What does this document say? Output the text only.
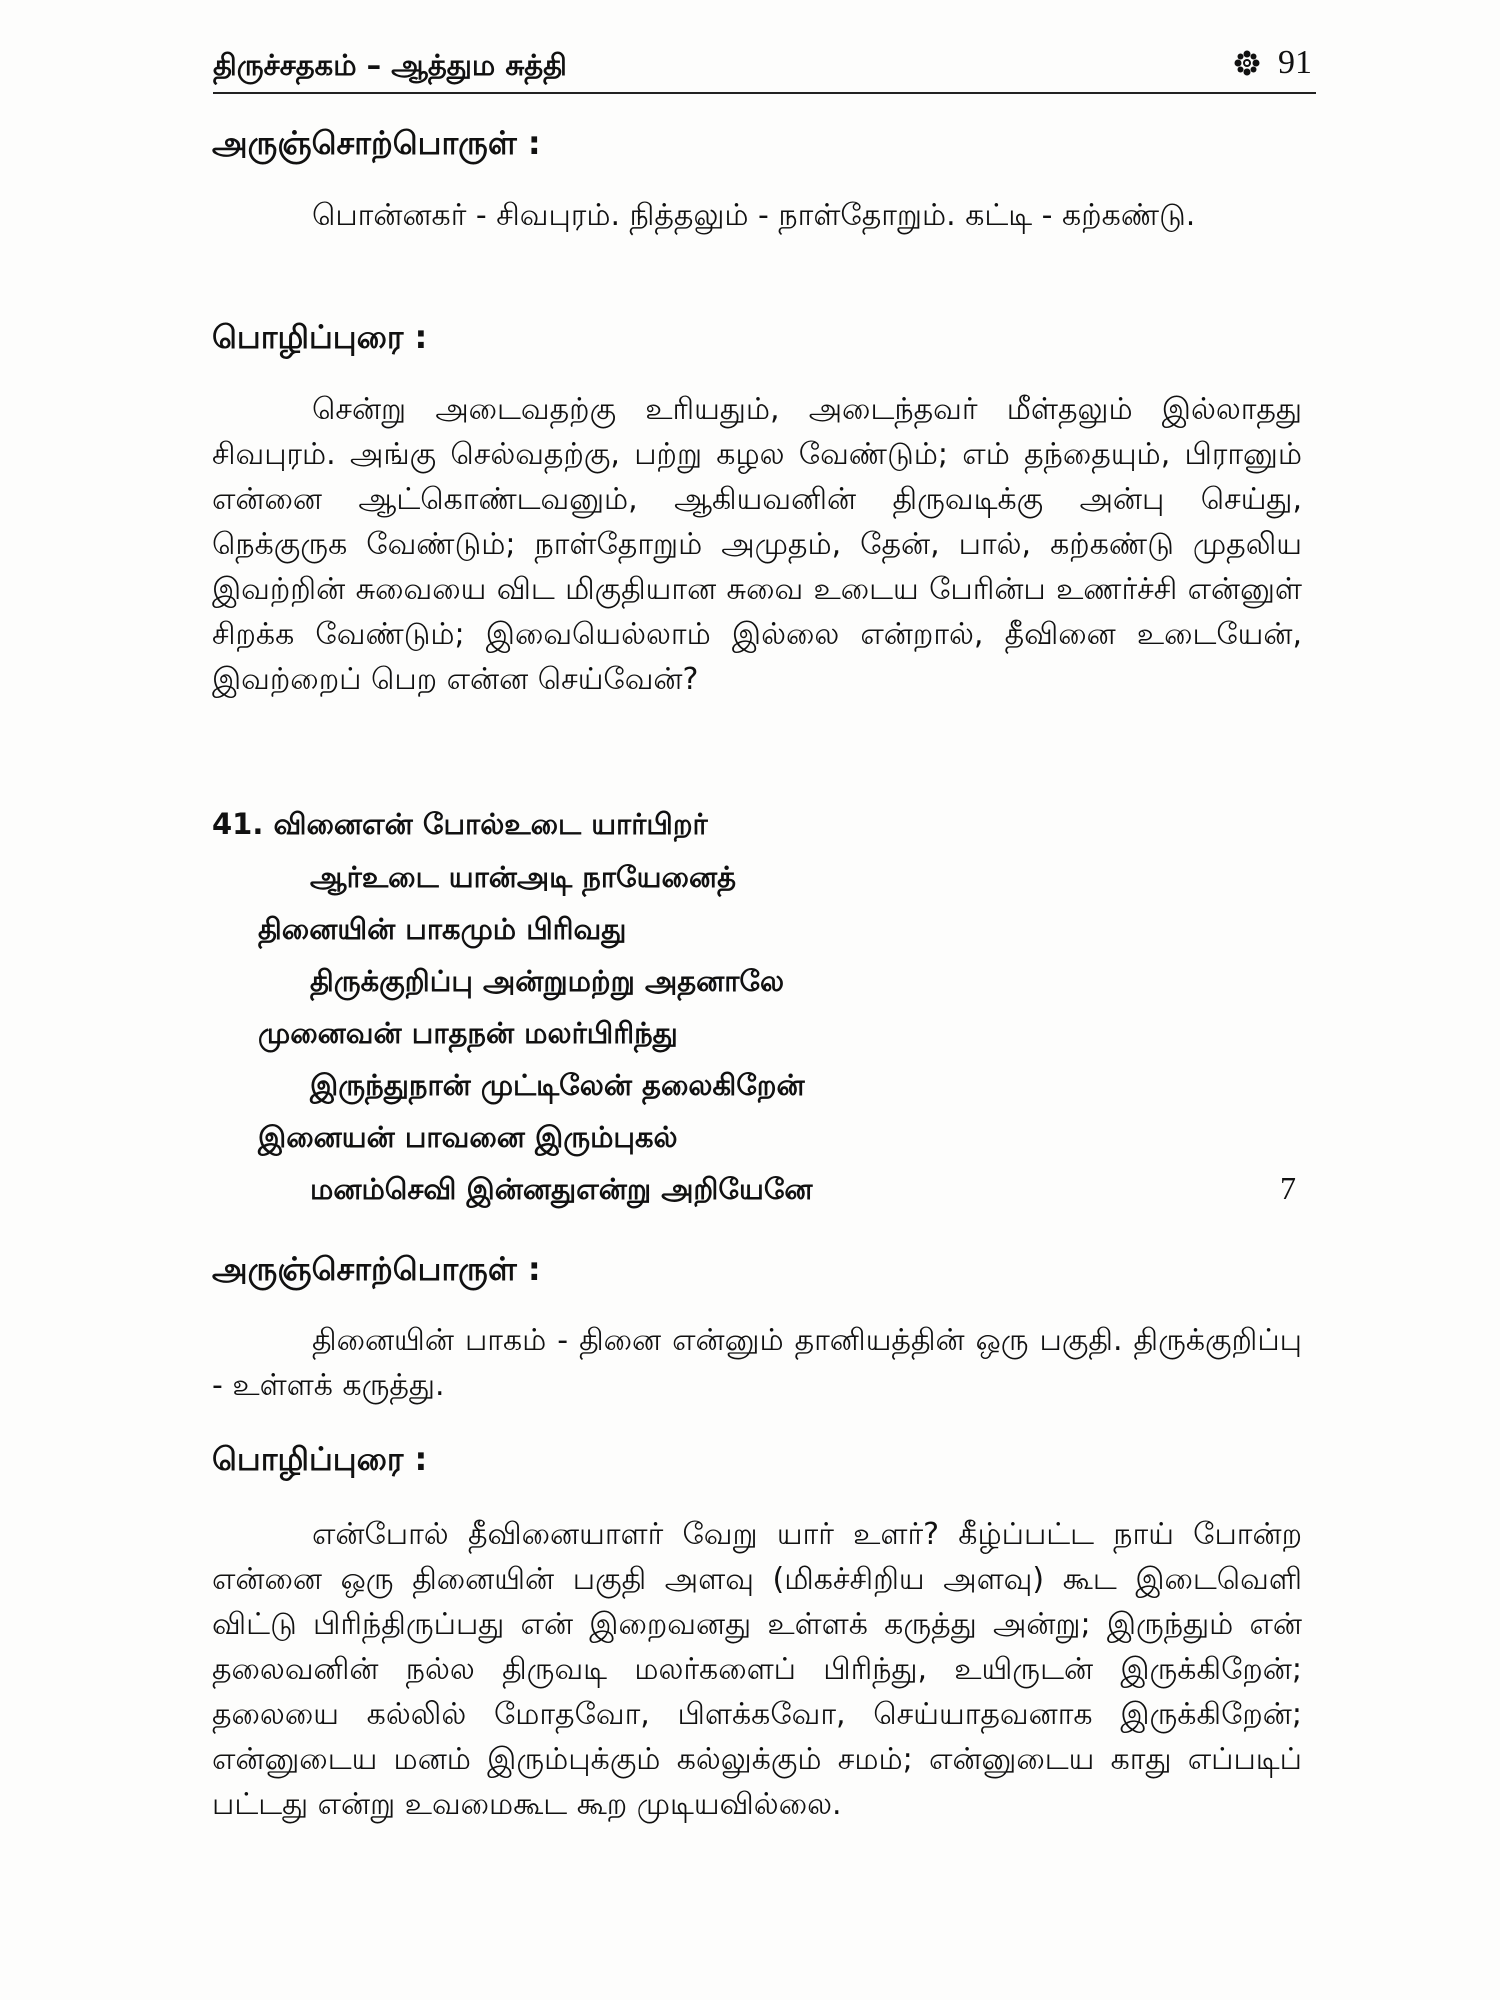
திருச்சதகம் – ஆத்தும சுத்தி	91
அருஞ்சொற்பொருள் :
பொன்னகர் - சிவபுரம். நித்தலும் - நாள்தோறும். கட்டி - கற்கண்டு.
பொழிப்புரை :
சென்று அடைவதற்கு உரியதும், அடைந்தவர் மீள்தலும் இல்லாதது சிவபுரம். அங்கு செல்வதற்கு, பற்று கழல வேண்டும்; எம் தந்தையும், பிரானும் என்னை ஆட்கொண்டவனும், ஆகியவனின் திருவடிக்கு அன்பு செய்து, நெக்குருக வேண்டும்; நாள்தோறும் அமுதம், தேன், பால், கற்கண்டு முதலிய இவற்றின் சுவையை விட மிகுதியான சுவை உடைய பேரின்ப உணர்ச்சி என்னுள் சிறக்க வேண்டும்; இவையெல்லாம் இல்லை என்றால், தீவினை உடையேன், இவற்றைப் பெற என்ன செய்வேன்?
41. வினைஎன் போல்உடை யார்பிறர்
ஆர்உடை யான்அடி நாயேனைத்
தினையின் பாகமும் பிரிவது
திருக்குறிப்பு அன்றுமற்று அதனாலே
முனைவன் பாதநன் மலர்பிரிந்து
இருந்துநான் முட்டிலேன் தலைகிறேன்
இனையன் பாவனை இரும்புகல்
மனம்செவி இன்னதுஎன்று அறியேனே	7
அருஞ்சொற்பொருள் :
தினையின் பாகம் - தினை என்னும் தானியத்தின் ஒரு பகுதி. திருக்குறிப்பு - உள்ளக் கருத்து.
பொழிப்புரை :
என்போல் தீவினையாளர் வேறு யார் உளர்? கீழ்ப்பட்ட நாய் போன்ற என்னை ஒரு தினையின் பகுதி அளவு (மிகச்சிறிய அளவு) கூட இடைவெளி விட்டு பிரிந்திருப்பது என் இறைவனது உள்ளக் கருத்து அன்று; இருந்தும் என் தலைவனின் நல்ல திருவடி மலர்களைப் பிரிந்து, உயிருடன் இருக்கிறேன்; தலையை கல்லில் மோதவோ, பிளக்கவோ, செய்யாதவனாக இருக்கிறேன்; என்னுடைய மனம் இரும்புக்கும் கல்லுக்கும் சமம்; என்னுடைய காது எப்படிப் பட்டது என்று உவமைகூட கூற முடியவில்லை.
